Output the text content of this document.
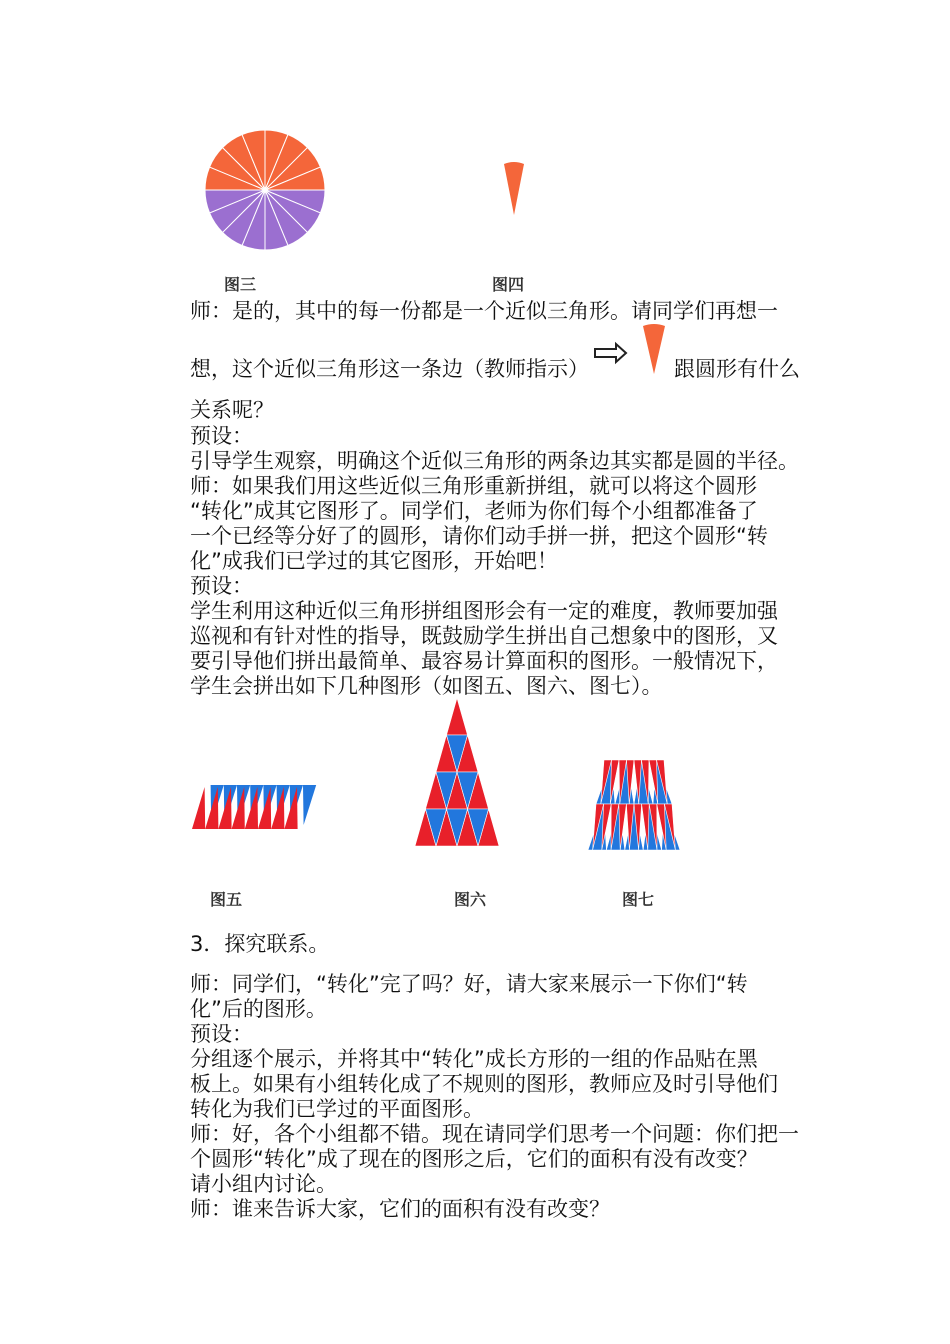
图三	图四
师：是的，其中的每一份都是一个近似三角形。请同学们再想一
想，这个近似三角形这一条边（教师指示）	跟圆形有什么
关系呢？
预设：
引导学生观察，明确这个近似三角形的两条边其实都是圆的半径。
师：如果我们用这些近似三角形重新拼组，就可以将这个圆形
“转化”成其它图形了。同学们，老师为你们每个小组都准备了
一个已经等分好了的圆形，请你们动手拼一拼，把这个圆形“转
化”成我们已学过的其它图形，开始吧！
预设：
学生利用这种近似三角形拼组图形会有一定的难度，教师要加强
巡视和有针对性的指导，既鼓励学生拼出自己想象中的图形，又
要引导他们拼出最简单、最容易计算面积的图形。一般情况下，
学生会拼出如下几种图形（如图五、图六、图七）。
图五	图六	图七
3．探究联系。
师：同学们，“转化”完了吗？好，请大家来展示一下你们“转
化”后的图形。
预设：
分组逐个展示，并将其中“转化”成长方形的一组的作品贴在黑
板上。如果有小组转化成了不规则的图形，教师应及时引导他们
转化为我们已学过的平面图形。
师：好，各个小组都不错。现在请同学们思考一个问题：你们把一
个圆形“转化”成了现在的图形之后，它们的面积有没有改变？
请小组内讨论。
师：谁来告诉大家，它们的面积有没有改变？
